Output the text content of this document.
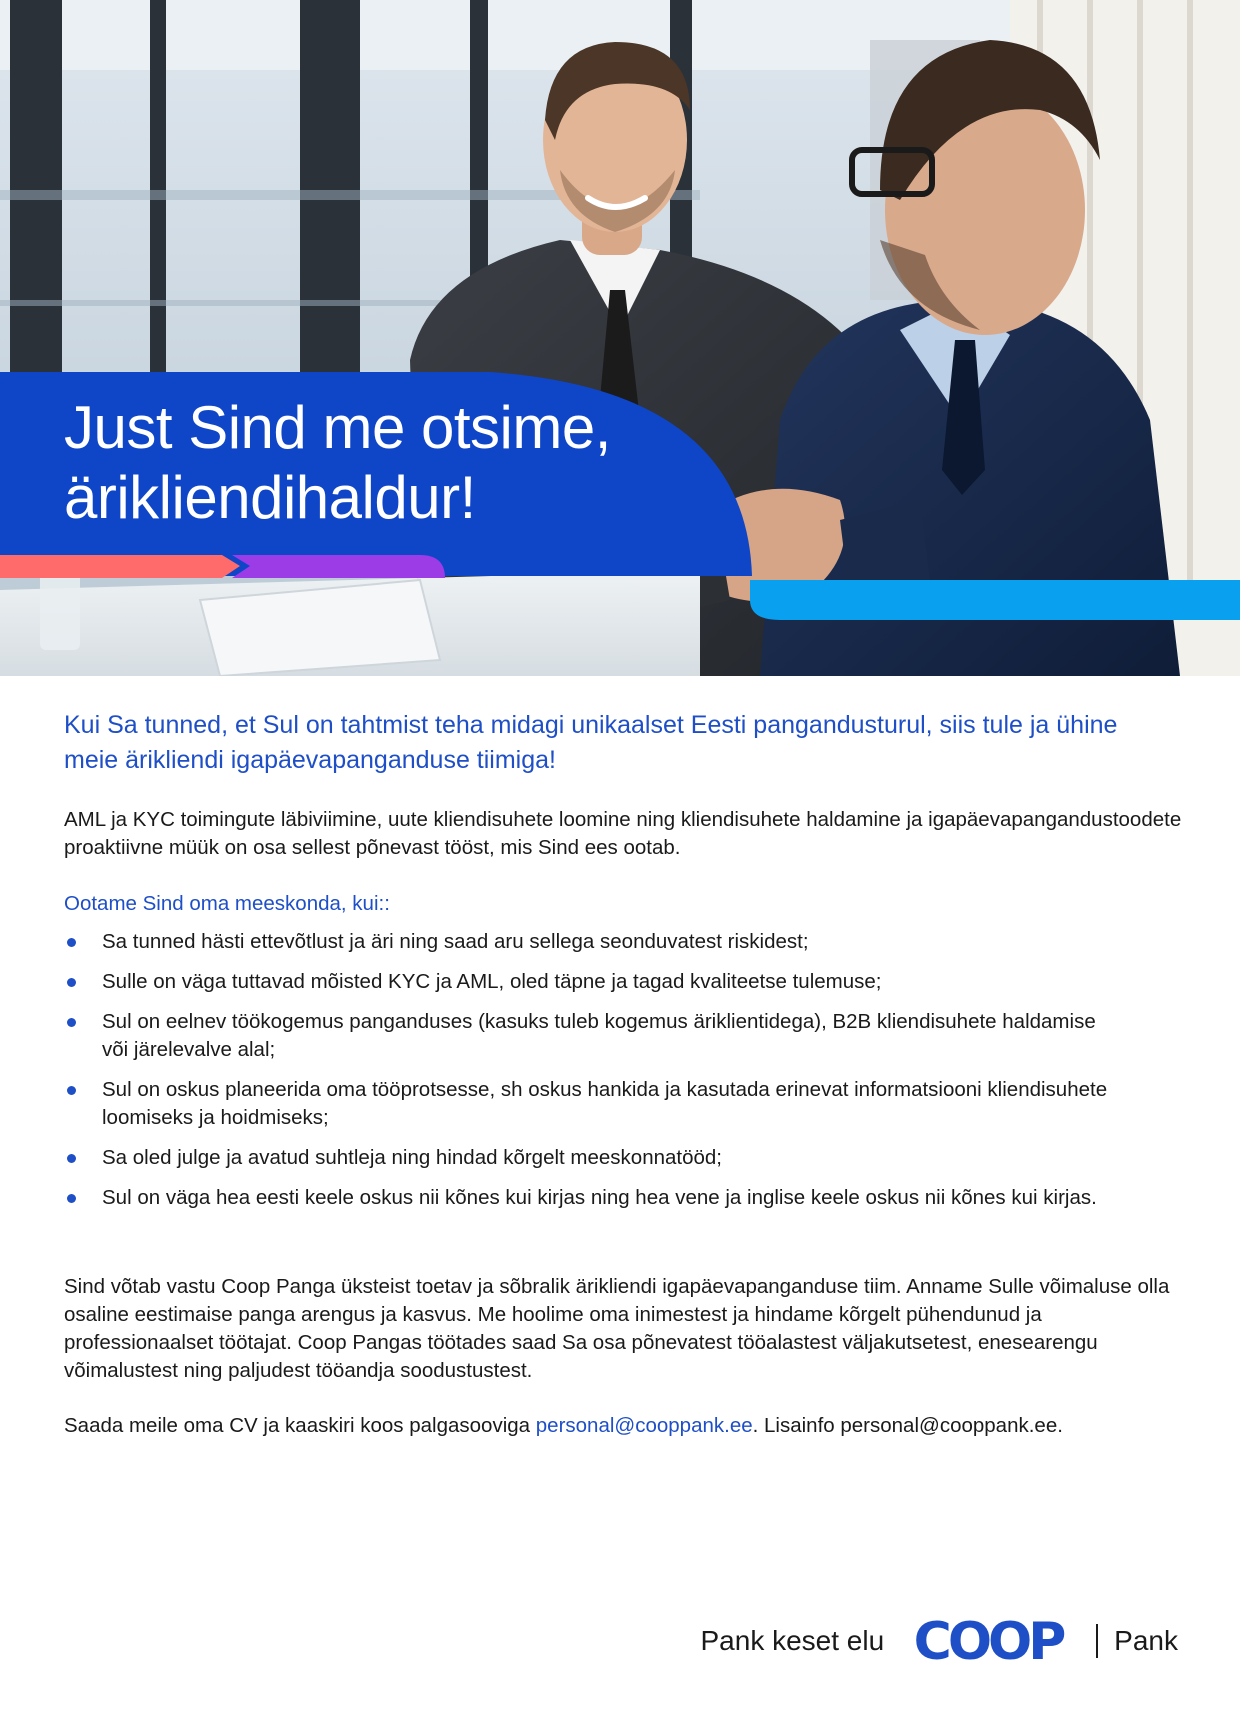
Just Sind me otsime,
ärikliendihaldur!

Kui Sa tunned, et Sul on tahtmist teha midagi unikaalset Eesti pangandusturul, siis tule ja ühine meie ärikliendi igapäevapanganduse tiimiga!

AML ja KYC toimingute läbiviimine, uute kliendisuhete loomine ning kliendisuhete haldamine ja igapäevapangandustoodete proaktiivne müük on osa sellest põnevast tööst, mis Sind ees ootab.

Ootame Sind oma meeskonda, kui::

Sa tunned hästi ettevõtlust ja äri ning saad aru sellega seonduvatest riskidest;
Sulle on väga tuttavad mõisted KYC ja AML, oled täpne ja tagad kvaliteetse tulemuse;
Sul on eelnev töökogemus panganduses (kasuks tuleb kogemus äriklientidega), B2B kliendisuhete haldamise või järelevalve alal;
Sul on oskus planeerida oma tööprotsesse, sh oskus hankida ja kasutada erinevat informatsiooni kliendisuhete loomiseks ja hoidmiseks;
Sa oled julge ja avatud suhtleja ning hindad kõrgelt meeskonnatööd;
Sul on väga hea eesti keele oskus nii kõnes kui kirjas ning hea vene ja inglise keele oskus nii kõnes kui kirjas.

Sind võtab vastu Coop Panga üksteist toetav ja sõbralik ärikliendi igapäevapanganduse tiim. Anname Sulle võimaluse olla osaline eestimaise panga arengus ja kasvus. Me hoolime oma inimestest ja hindame kõrgelt pühendunud ja professionaalset töötajat. Coop Pangas töötades saad Sa osa põnevatest tööalastest väljakutsetest, enesearengu võimalustest ning paljudest tööandja soodustustest.

Saada meile oma CV ja kaaskiri koos palgasooviga personal@cooppank.ee. Lisainfo personal@cooppank.ee.

Pank keset elu COOP Pank
